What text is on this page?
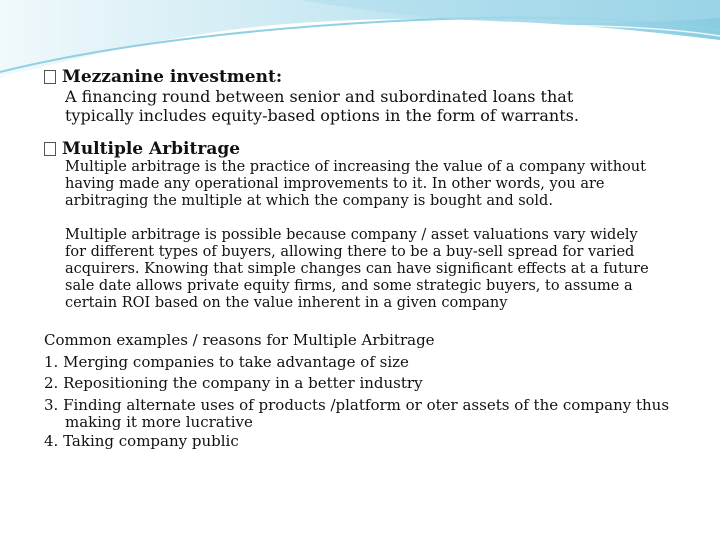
Mezzanine investment:
A financing round between senior and subordinated loans that
typically includes equity-based options in the form of warrants.
Multiple Arbitrage
Multiple arbitrage is the practice of increasing the value of a company without
having made any operational improvements to it. In other words, you are
arbitraging the multiple at which the company is bought and sold.
Multiple arbitrage is possible because company / asset valuations vary widely
for different types of buyers, allowing there to be a buy-sell spread for varied
acquirers. Knowing that simple changes can have significant effects at a future
sale date allows private equity firms, and some strategic buyers, to assume a
certain ROI based on the value inherent in a given company
Common examples / reasons for Multiple Arbitrage
1. Merging companies to take advantage of size
2. Repositioning the company in a better industry
3. Finding alternate uses of products /platform or oter assets of the company thus
making it more lucrative
4. Taking company public
